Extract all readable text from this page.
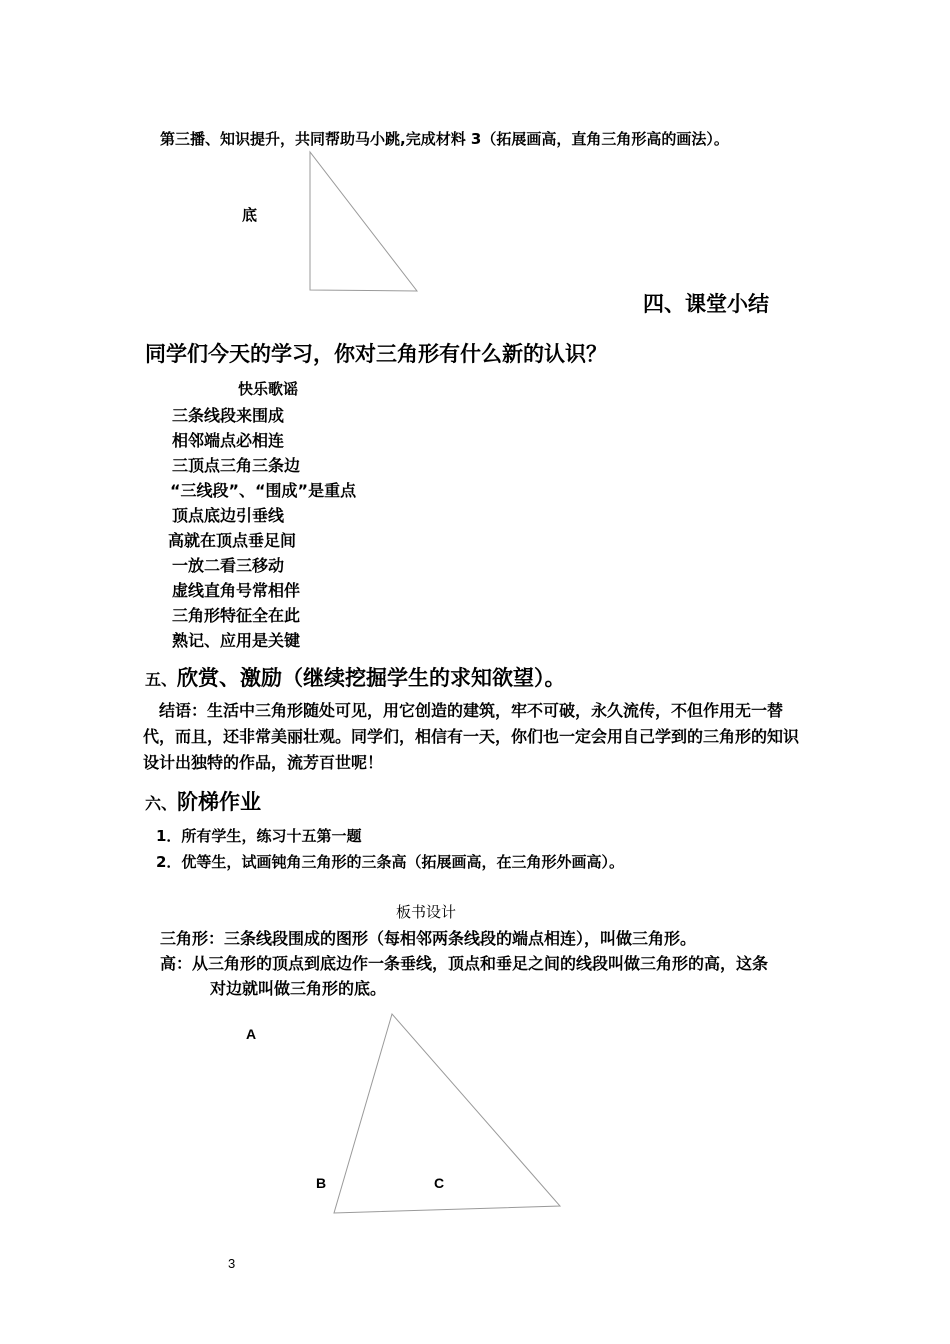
第三播、知识提升，共同帮助马小跳,完成材料 3（拓展画高，直角三角形高的画法）。
底
四、课堂小结
同学们今天的学习，你对三角形有什么新的认识？
快乐歌谣
三条线段来围成
相邻端点必相连
三顶点三角三条边
“三线段”、“围成”是重点
顶点底边引垂线
高就在顶点垂足间
一放二看三移动
虚线直角号常相伴
三角形特征全在此
熟记、应用是关键
五、欣赏、激励（继续挖掘学生的求知欲望）。
结语：生活中三角形随处可见，用它创造的建筑，牢不可破，永久流传，不但作用无一替代，而且，还非常美丽壮观。同学们，相信有一天，你们也一定会用自己学到的三角形的知识设计出独特的作品，流芳百世呢！
六、阶梯作业
1．所有学生，练习十五第一题
2．优等生，试画钝角三角形的三条高（拓展画高，在三角形外画高）。
板书设计
三角形：三条线段围成的图形（每相邻两条线段的端点相连），叫做三角形。
高：从三角形的顶点到底边作一条垂线，顶点和垂足之间的线段叫做三角形的高，这条
对边就叫做三角形的底。
A
B	C
3
